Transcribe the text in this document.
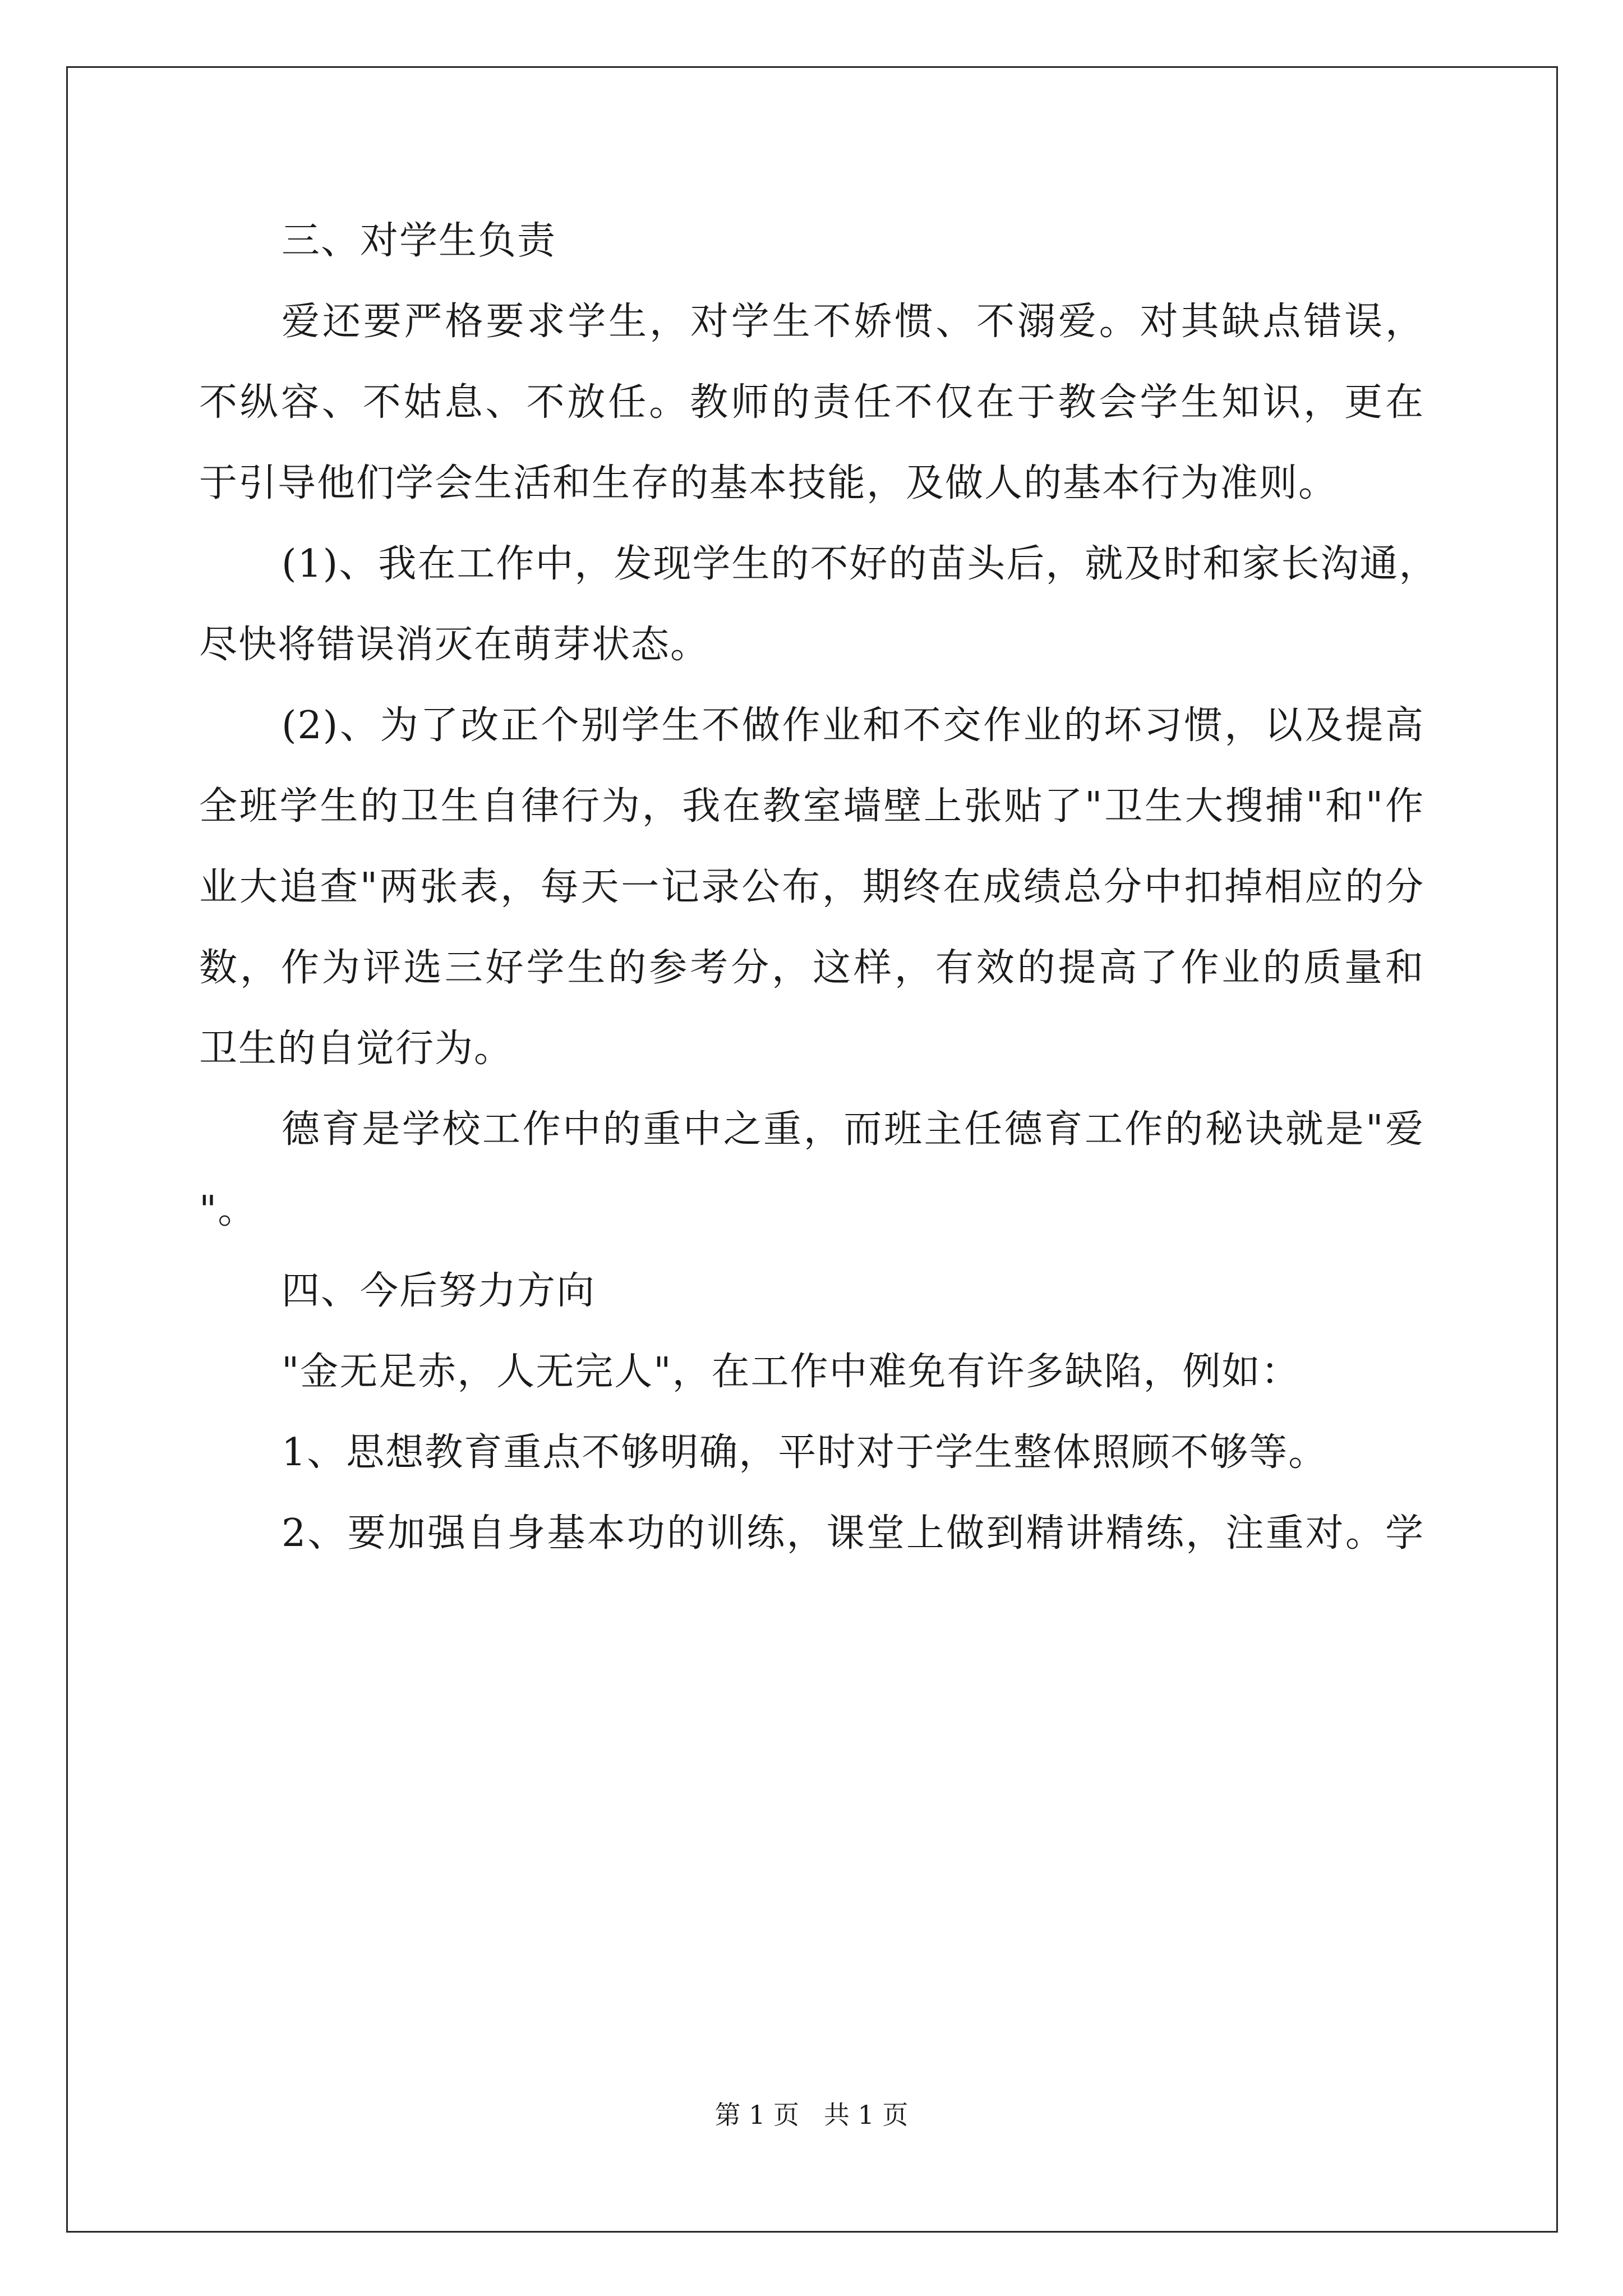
三、对学生负责
爱还要严格要求学生，对学生不娇惯、不溺爱。对其缺点错误，
不纵容、不姑息、不放任。教师的责任不仅在于教会学生知识，更在
于引导他们学会生活和生存的基本技能，及做人的基本行为准则。
(1)、我在工作中，发现学生的不好的苗头后，就及时和家长沟通，
尽快将错误消灭在萌芽状态。
(2)、为了改正个别学生不做作业和不交作业的坏习惯，以及提高
全班学生的卫生自律行为，我在教室墙壁上张贴了"卫生大搜捕"和"作
业大追查"两张表，每天一记录公布，期终在成绩总分中扣掉相应的分
数，作为评选三好学生的参考分，这样，有效的提高了作业的质量和
卫生的自觉行为。
德育是学校工作中的重中之重，而班主任德育工作的秘诀就是"爱
"。
四、今后努力方向
"金无足赤，人无完人"，在工作中难免有许多缺陷，例如：
1、思想教育重点不够明确，平时对于学生整体照顾不够等。
2、要加强自身基本功的训练，课堂上做到精讲精练，注重对。学
第 1 页   共 1 页
